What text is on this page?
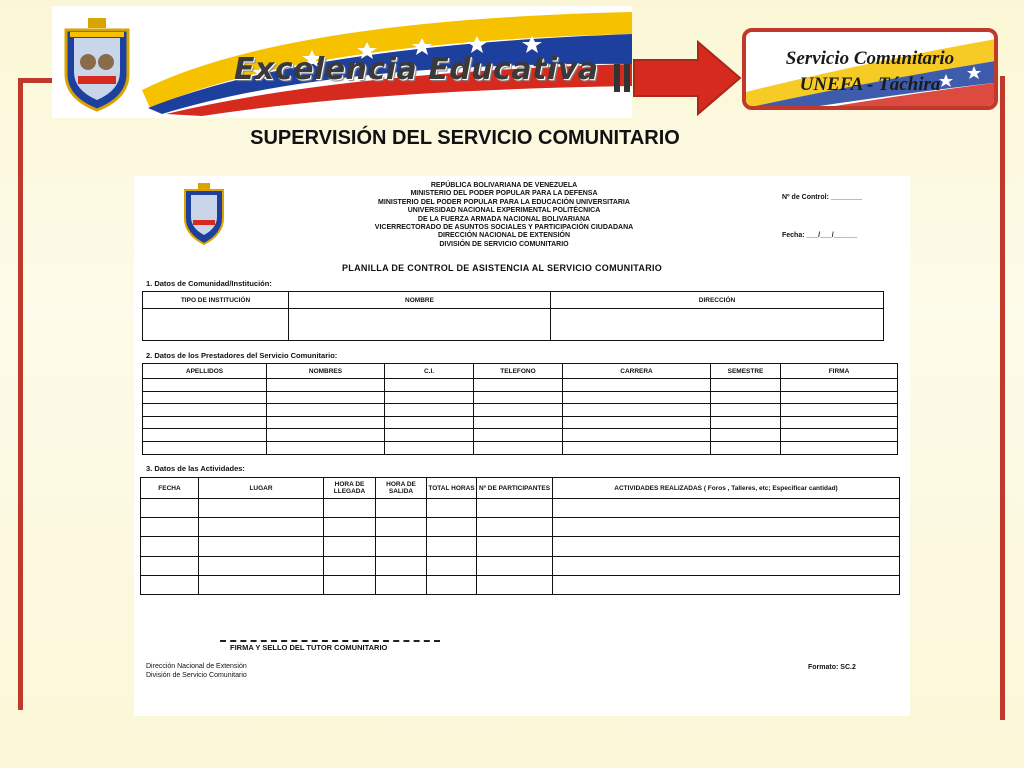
Excelencia Educativa	Servicio Comunitario
UNEFA - Táchira
SUPERVISIÓN DEL SERVICIO COMUNITARIO
REPÚBLICA BOLIVARIANA DE VENEZUELA
MINISTERIO DEL PODER POPULAR PARA LA DEFENSA
MINISTERIO DEL PODER POPULAR PARA LA EDUCACIÓN UNIVERSITARIA
UNIVERSIDAD NACIONAL EXPERIMENTAL POLITÉCNICA
DE LA FUERZA ARMADA NACIONAL BOLIVARIANA
VICERRECTORADO DE ASUNTOS SOCIALES Y PARTICIPACIÓN CIUDADANA
DIRECCIÓN NACIONAL DE EXTENSIÓN
DIVISIÓN DE SERVICIO COMUNITARIO
Nº de Control: ________
Fecha: ___/___/______
PLANILLA DE CONTROL DE ASISTENCIA AL SERVICIO COMUNITARIO
1. Datos de Comunidad/Institución:
TIPO DE INSTITUCIÓN	NOMBRE	DIRECCIÓN

2. Datos de los Prestadores del Servicio Comunitario:
APELLIDOS	NOMBRES	C.I.	TELEFONO	CARRERA	SEMESTRE	FIRMA

3. Datos de las Actividades:
FECHA	LUGAR	HORA DE LLEGADA	HORA DE SALIDA	TOTAL HORAS	Nº DE PARTICIPANTES	ACTIVIDADES REALIZADAS ( Foros , Talleres, etc; Especificar cantidad)

FIRMA Y SELLO DEL TUTOR COMUNITARIO
Dirección Nacional de Extensión
División de Servicio Comunitario
Formato: SC.2
